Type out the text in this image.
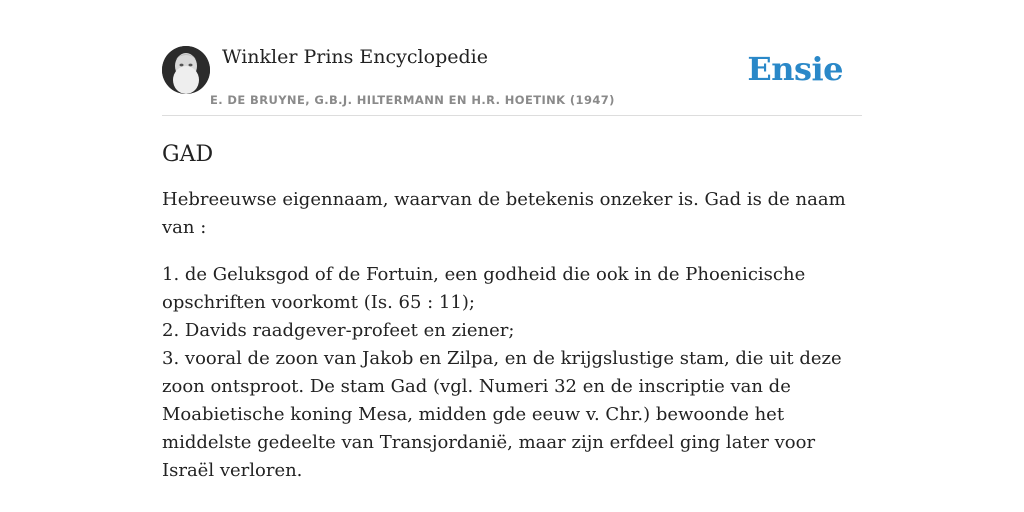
Winkler Prins Encyclopedie
E. DE BRUYNE, G.B.J. HILTERMANN EN H.R. HOETINK (1947)
Ensie
GAD

Hebreeuwse eigennaam, waarvan de betekenis onzeker is. Gad is de naam van :

1. de Geluksgod of de Fortuin, een godheid die ook in de Phoenicische opschriften voorkomt (Is. 65 : 11);
2. Davids raadgever-profeet en ziener;
3. vooral de zoon van Jakob en Zilpa, en de krijgslustige stam, die uit deze zoon ontsproot. De stam Gad (vgl. Numeri 32 en de inscriptie van de Moabietische koning Mesa, midden gde eeuw v. Chr.) bewoonde het middelste gedeelte van Transjordanië, maar zijn erfdeel ging later voor Israël verloren.
